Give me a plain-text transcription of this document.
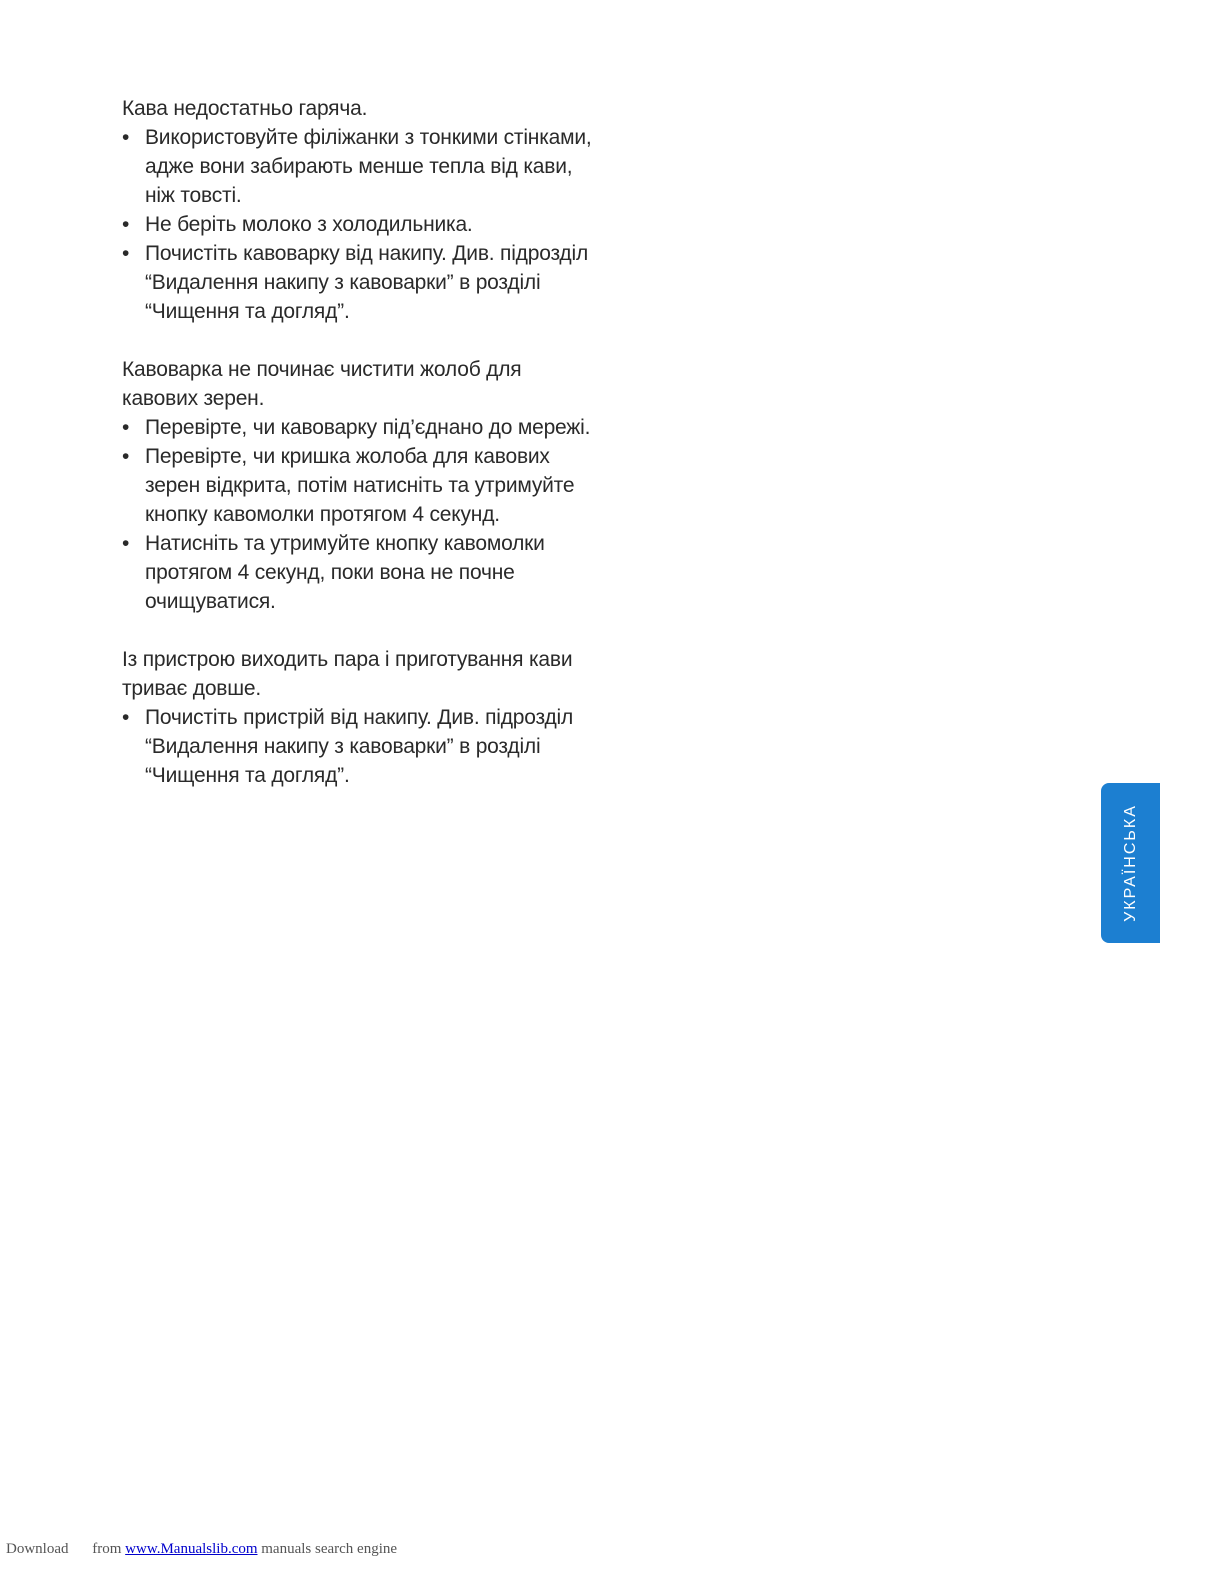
Кава недостатньо гаряча.

• Використовуйте філіжанки з тонкими стінками, адже вони забирають менше тепла від кави, ніж товсті.
• Не беріть молоко з холодильника.
• Почистіть кавоварку від накипу. Див. підрозділ “Видалення накипу з кавоварки” в розділі “Чищення та догляд”.

Кавоварка не починає чистити жолоб для кавових зерен.

• Перевірте, чи кавоварку під’єднано до мережі.
• Перевірте, чи кришка жолоба для кавових зерен відкрита, потім натисніть та утримуйте кнопку кавомолки протягом 4 секунд.
• Натисніть та утримуйте кнопку кавомолки протягом 4 секунд, поки вона не почне очищуватися.

Із пристрою виходить пара і приготування кави триває довше.

• Почистіть пристрій від накипу. Див. підрозділ “Видалення накипу з кавоварки” в розділі “Чищення та догляд”.
УКРАЇНСЬКА
Download from www.Manualslib.com manuals search engine
